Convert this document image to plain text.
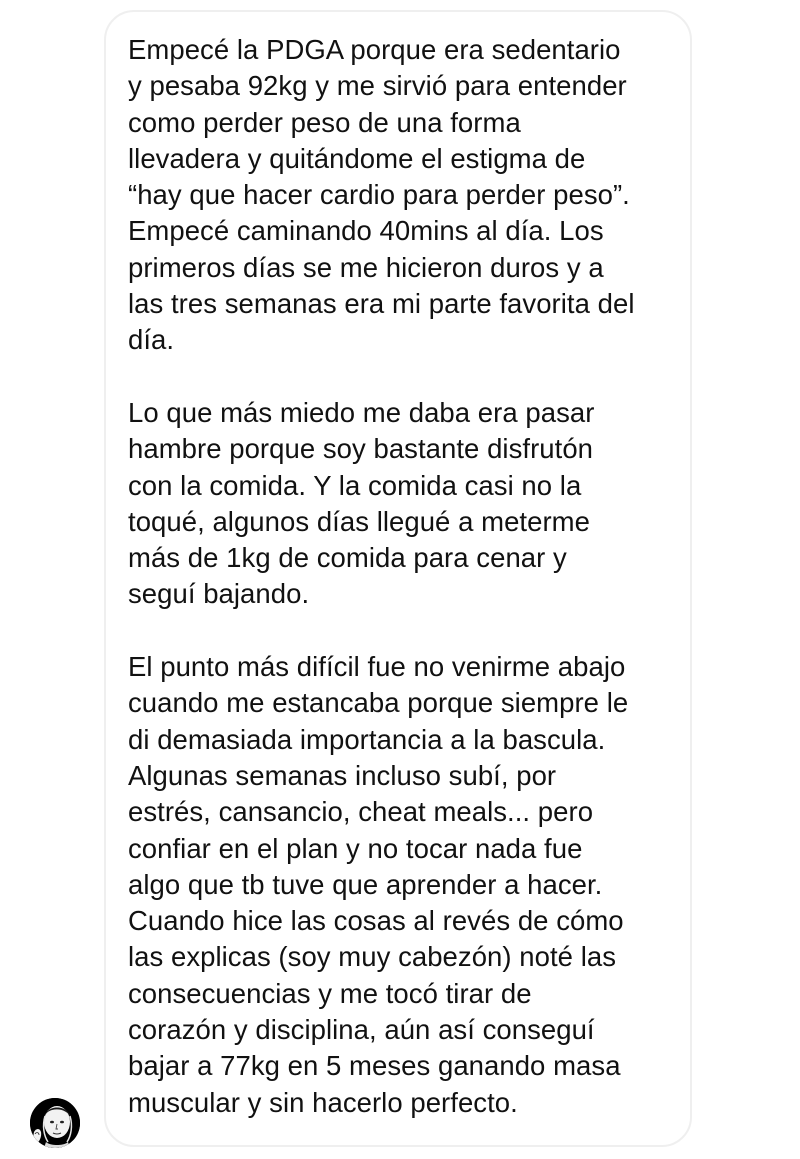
Empecé la PDGA porque era sedentario
y pesaba 92kg y me sirvió para entender
como perder peso de una forma
llevadera y quitándome el estigma de
“hay que hacer cardio para perder peso”.
Empecé caminando 40mins al día. Los
primeros días se me hicieron duros y a
las tres semanas era mi parte favorita del
día.

Lo que más miedo me daba era pasar
hambre porque soy bastante disfrutón
con la comida. Y la comida casi no la
toqué, algunos días llegué a meterme
más de 1kg de comida para cenar y
seguí bajando.

El punto más difícil fue no venirme abajo
cuando me estancaba porque siempre le
di demasiada importancia a la bascula.
Algunas semanas incluso subí, por
estrés, cansancio, cheat meals... pero
confiar en el plan y no tocar nada fue
algo que tb tuve que aprender a hacer.
Cuando hice las cosas al revés de cómo
las explicas (soy muy cabezón) noté las
consecuencias y me tocó tirar de
corazón y disciplina, aún así conseguí
bajar a 77kg en 5 meses ganando masa
muscular y sin hacerlo perfecto.
